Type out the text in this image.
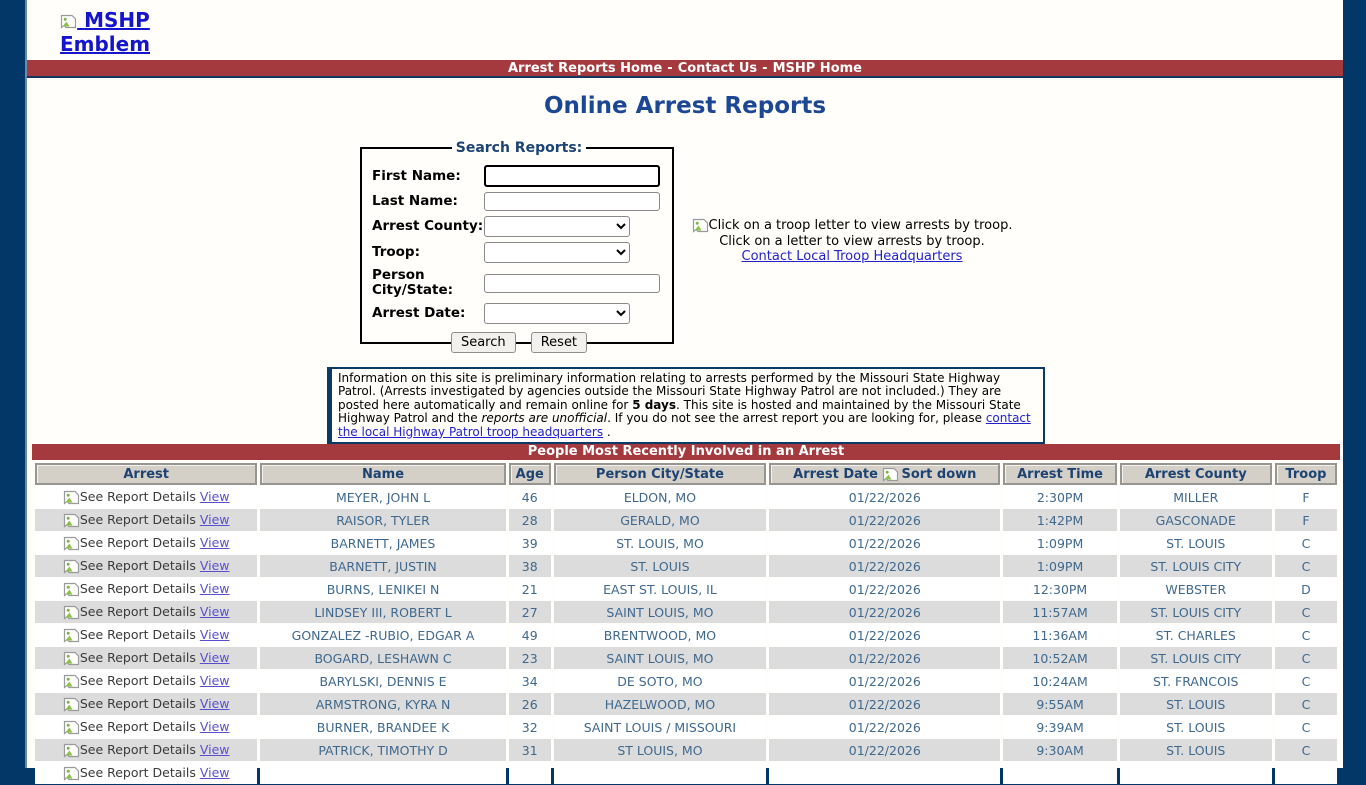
MSHP Emblem
Arrest Reports Home - Contact Us - MSHP Home
Online Arrest Reports
Search Reports:
First Name:
Last Name:
Arrest County:
Troop:
Person City/State:
Arrest Date:
Search	Reset
Click on a troop letter to view arrests by troop.
Click on a letter to view arrests by troop.
Contact Local Troop Headquarters
Information on this site is preliminary information relating to arrests performed by the Missouri State Highway Patrol. (Arrests investigated by agencies outside the Missouri State Highway Patrol are not included.) They are posted here automatically and remain online for 5 days. This site is hosted and maintained by the Missouri State Highway Patrol and the reports are unofficial. If you do not see the arrest report you are looking for, please contact the local Highway Patrol troop headquarters .
People Most Recently Involved in an Arrest
Arrest	Name	Age	Person City/State	Arrest Date Sort down	Arrest Time	Arrest County	Troop

See Report Details View	MEYER, JOHN L	46	ELDON, MO	01/22/2026	2:30PM	MILLER	F

See Report Details View	RAISOR, TYLER	28	GERALD, MO	01/22/2026	1:42PM	GASCONADE	F

See Report Details View	BARNETT, JAMES	39	ST. LOUIS, MO	01/22/2026	1:09PM	ST. LOUIS	C

See Report Details View	BARNETT, JUSTIN	38	ST. LOUIS	01/22/2026	1:09PM	ST. LOUIS CITY	C

See Report Details View	BURNS, LENIKEI N	21	EAST ST. LOUIS, IL	01/22/2026	12:30PM	WEBSTER	D

See Report Details View	LINDSEY III, ROBERT L	27	SAINT LOUIS, MO	01/22/2026	11:57AM	ST. LOUIS CITY	C

See Report Details View	GONZALEZ -RUBIO, EDGAR A	49	BRENTWOOD, MO	01/22/2026	11:36AM	ST. CHARLES	C

See Report Details View	BOGARD, LESHAWN C	23	SAINT LOUIS, MO	01/22/2026	10:52AM	ST. LOUIS CITY	C

See Report Details View	BARYLSKI, DENNIS E	34	DE SOTO, MO	01/22/2026	10:24AM	ST. FRANCOIS	C

See Report Details View	ARMSTRONG, KYRA N	26	HAZELWOOD, MO	01/22/2026	9:55AM	ST. LOUIS	C

See Report Details View	BURNER, BRANDEE K	32	SAINT LOUIS / MISSOURI	01/22/2026	9:39AM	ST. LOUIS	C

See Report Details View	PATRICK, TIMOTHY D	31	ST LOUIS, MO	01/22/2026	9:30AM	ST. LOUIS	C

See Report Details View							
